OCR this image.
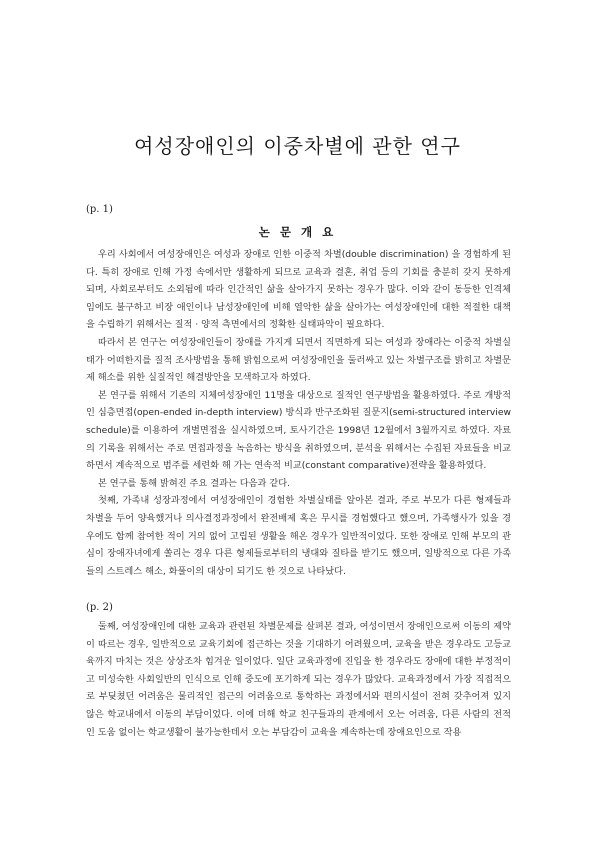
여성장애인의 이중차별에 관한 연구
(p. 1)
논 문 개 요

우리 사회에서 여성장애인은 여성과 장애로 인한 이중적 차별(double discrimination) 을 경험하게 된다. 특히 장애로 인해 가정 속에서만 생활하게 되므로 교육과 결혼, 취업 등의 기회를 충분히 갖지 못하게 되며, 사회로부터도 소외됨에 따라 인간적인 삶을 살아가지 못하는 경우가 많다. 이와 같이 동등한 인격체임에도 불구하고 비장 애인이나 남성장애인에 비해 열악한 삶을 살아가는 여성장애인에 대한 적절한 대책 을 수립하기 위해서는 질적 · 양적 측면에서의 정확한 실태파악이 필요하다.

따라서 본 연구는 여성장애인들이 장애를 가지게 되면서 직면하게 되는 여성과 장애라는 이중적 차별실태가 어떠한지를 질적 조사방법을 통해 밝힘으로써 여성장애인을 둘러싸고 있는 차별구조를 밝히고 차별문제 해소를 위한 실질적인 해결방안을 모색하고자 하였다.

본 연구를 위해서 기존의 지체여성장애인 11명을 대상으로 질적인 연구방법을 활용하였다. 주로 개방적인 심층면접(open-ended in-depth interview) 방식과 반구조화된 질문지(semi-structured interview schedule)를 이용하여 개별면접을 실시하였으며, 토사기간은 1998년 12월에서 3월까지로 하였다. 자료의 기록을 위해서는 주로 면접과정을 녹음하는 방식을 취하였으며, 분석을 위해서는 수집된 자료들을 비교하면서 계속적으로 범주를 세련화 해 가는 연속적 비교(constant comparative)전략을 활용하였다.

본 연구를 통해 밝혀진 주요 결과는 다음과 같다.

첫째, 가족내 성장과정에서 여성장애인이 경험한 차별실태를 알아본 결과, 주로 부모가 다른 형제들과 차별을 두어 양육했거나 의사결정과정에서 완전배제 혹은 무시를 경험했다고 했으며, 가족행사가 있을 경우에도 함께 참여한 적이 거의 없어 고립된 생활을 해온 경우가 일반적이었다. 또한 장애로 인해 부모의 관심이 장애자녀에게 쏠리는 경우 다른 형제들로부터의 냉대와 질타를 받기도 했으며, 일방적으로 다른 가족들의 스트레스 해소, 화풀이의 대상이 되기도 한 것으로 나타났다.

(p. 2)

둘째, 여성장애인에 대한 교육과 관련된 차별문제를 살펴본 결과, 여성이면서 장애인으로써 이동의 제약이 따르는 경우, 일반적으로 교육기회에 접근하는 것을 기대하기 어려웠으며, 교육을 받은 경우라도 고등교육까지 마치는 것은 상상조차 힘겨운 일이었다. 일단 교육과정에 진입을 한 경우라도 장애에 대한 부정적이고 미성숙한 사회일반의 인식으로 인해 중도에 포기하게 되는 경우가 많았다. 교육과정에서 가장 직접적으로 부딪쳤던 어려움은 물리적인 접근의 어려움으로 통학하는 과정에서와 편의시설이 전혀 갖추어져 있지 않은 학교내에서 이동의 부담이었다. 이에 더해 학교 친구들과의 관계에서 오는 어려움, 다른 사람의 전적인 도움 없이는 학교생활이 불가능한데서 오는 부담감이 교육을 계속하는데 장애요인으로 작용
